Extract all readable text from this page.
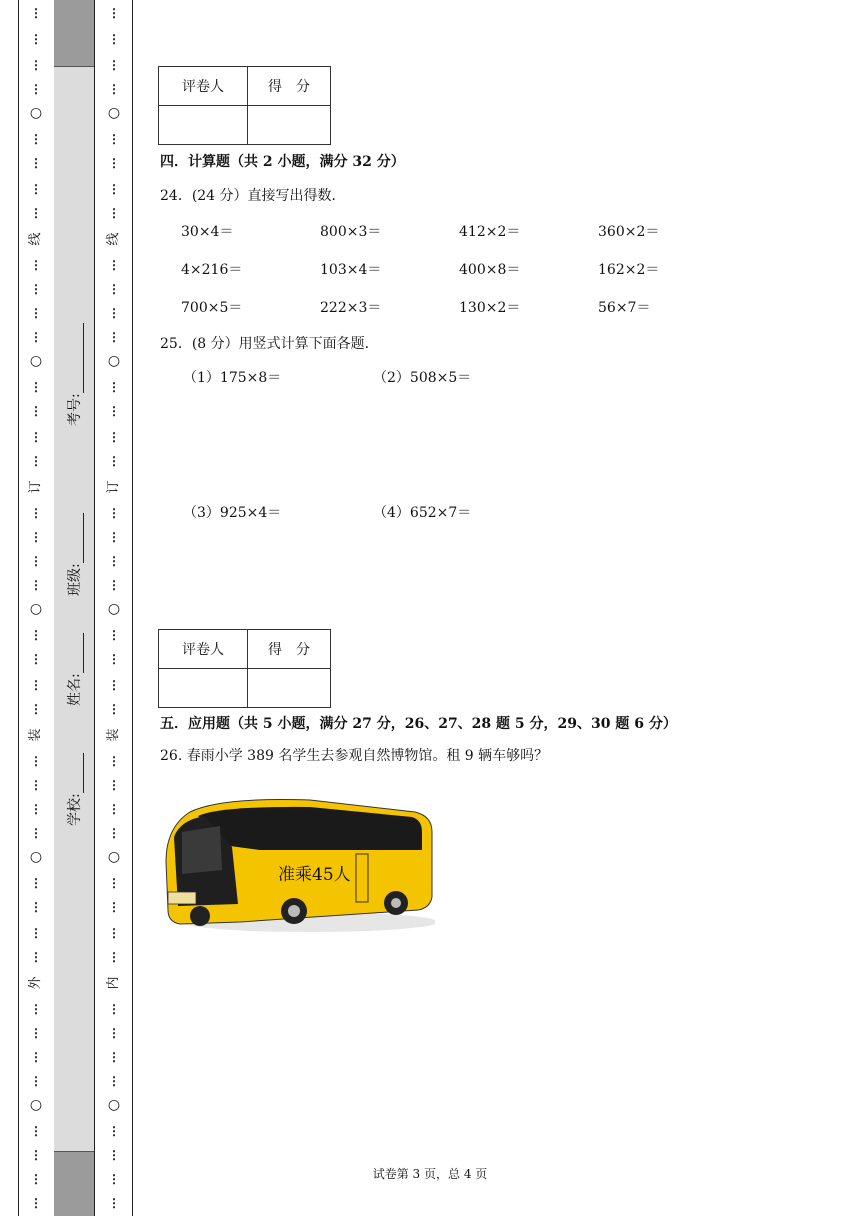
⋮
⋮
⋮
⋮
○
⋮
⋮
⋮
⋮
线
⋮
⋮
⋮
⋮
○
⋮
⋮
⋮
⋮
订
⋮
⋮
⋮
⋮
○
⋮
⋮
⋮
⋮
装
⋮
⋮
⋮
⋮
○
⋮
⋮
⋮
⋮
外
⋮
⋮
⋮
⋮
○
⋮
⋮
⋮
⋮
考号:
班级:
姓名:
学校:
⋮
⋮
⋮
⋮
○
⋮
⋮
⋮
⋮
线
⋮
⋮
⋮
⋮
○
⋮
⋮
⋮
⋮
订
⋮
⋮
⋮
⋮
○
⋮
⋮
⋮
⋮
装
⋮
⋮
⋮
⋮
○
⋮
⋮
⋮
⋮
内
⋮
⋮
⋮
⋮
○
⋮
⋮
⋮
⋮
评卷人	得　分

四．计算题（共 2 小题，满分 32 分）
24．(24 分）直接写出得数．
30×4＝	800×3＝	412×2＝	360×2＝
4×216＝	103×4＝	400×8＝	162×2＝
700×5＝	222×3＝	130×2＝	56×7＝
25．(8 分）用竖式计算下面各题．
（1）175×8＝	（2）508×5＝
（3）925×4＝	（4）652×7＝
评卷人	得　分

五．应用题（共 5 小题，满分 27 分，26、27、28 题 5 分，29、30 题 6 分）
26. 春雨小学 389 名学生去参观自然博物馆。租 9 辆车够吗？
准乘45人
试卷第 3 页，总 4 页
